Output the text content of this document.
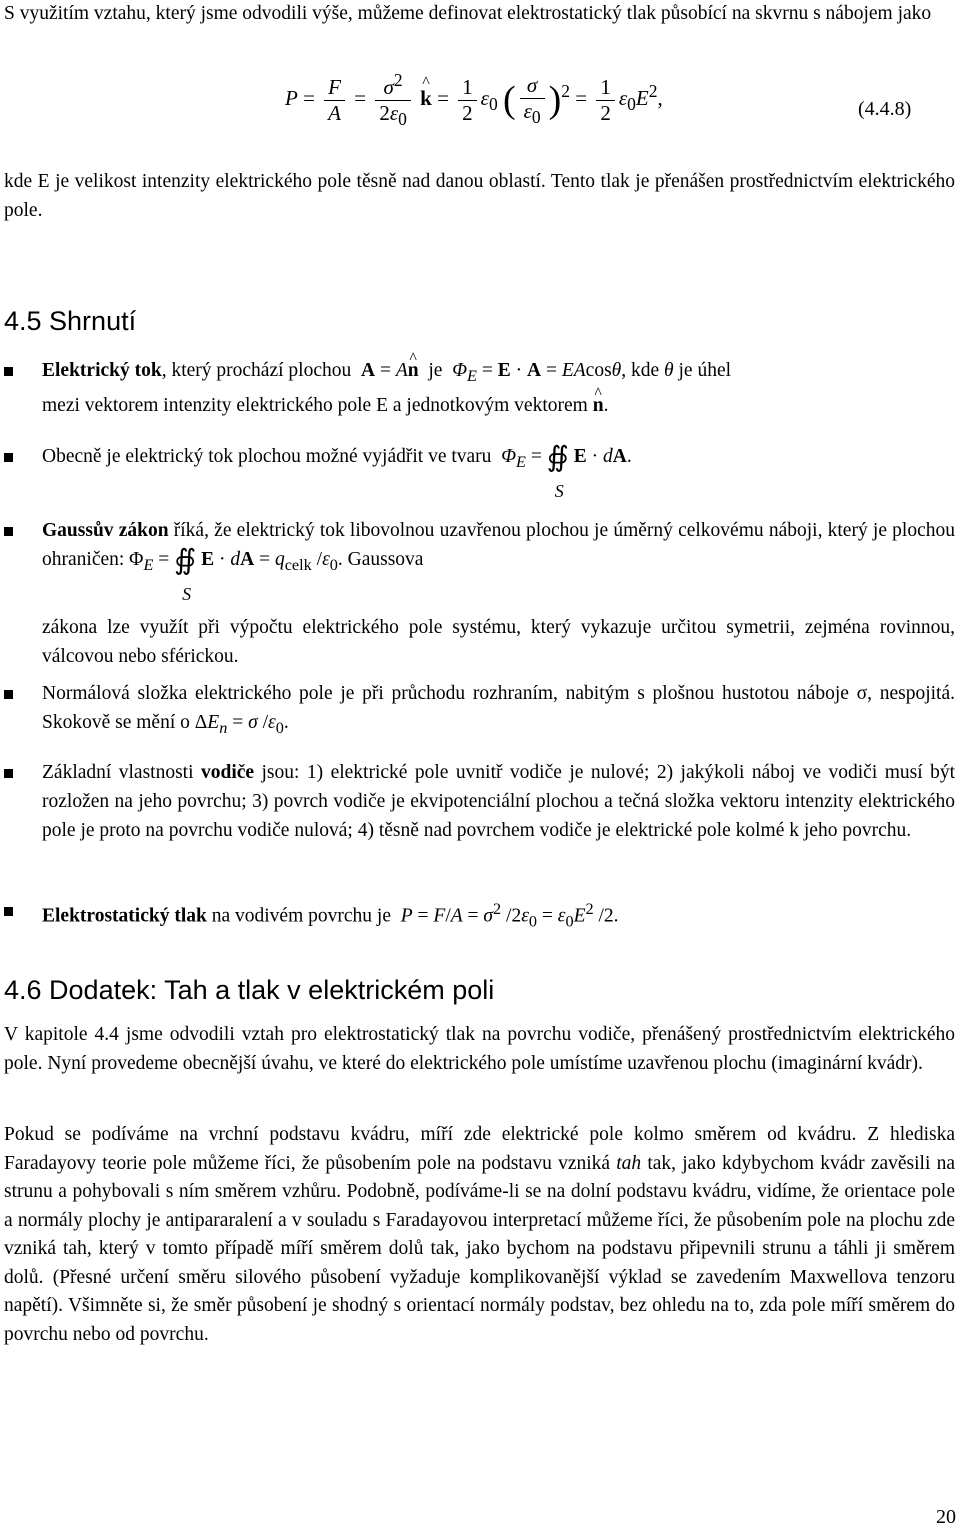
S využitím vztahu, který jsme odvodili výše, můžeme definovat elektrostatický tlak působící na skvrnu s nábojem jako
$P = \frac{F}{A} = \frac{\sigma^2}{2\varepsilon_0}$ ^ $k = \frac{1}{2} \varepsilon_0$ ( $\frac{\sigma}{\varepsilon_0} )^2 = \frac{1}{2} \varepsilon_0E^2$,	(4.4.8)
kde E je velikost intenzity elektrického pole těsně nad danou oblastí. Tento tlak je přenášen prostřednictvím elektrického pole.
4.5 Shrnutí
Elektrický tok, který prochází plochou A = A^ n  je  $\Phi_E = E \cdot A = EAcos\theta$, kde θ je úhel
mezi vektorem intenzity elektrického pole E a jednotkovým vektorem ^ n.
Obecně je elektrický tok plochou možné vyjádřit ve tvaru $\Phi_E$ = ∯
S
E · dA.
Gaussův zákon říká, že elektrický tok libovolnou uzavřenou plochou je úměrný celkovému náboji, který je plochou ohraničen: $\Phi_E$ = ∯
S
E · dA = $q_{celk}$ $/\varepsilon_0$. Gaussova
zákona lze využít při výpočtu elektrického pole systému, který vykazuje určitou symetrii, zejména rovinnou, válcovou nebo sférickou.
Normálová složka elektrického pole je při průchodu rozhraním, nabitým s plošnou hustotou náboje σ, nespojitá. Skokově se mění o $\Delta E_n = \sigma$ $/\varepsilon_0$.
Základní vlastnosti vodiče jsou: 1) elektrické pole uvnitř vodiče je nulové; 2) jakýkoli náboj ve vodiči musí být rozložen na jeho povrchu; 3) povrch vodiče je ekvipotenciální plochou a tečná složka vektoru intenzity elektrického pole je proto na povrchu vodiče nulová; 4) těsně nad povrchem vodiče je elektrické pole kolmé k jeho povrchu.
Elektrostatický tlak na vodivém povrchu je $P = F/A = \sigma^2$ $/2\varepsilon_0 = \varepsilon_0E^2$ /2.
4.6 Dodatek: Tah a tlak v elektrickém poli
V kapitole 4.4 jsme odvodili vztah pro elektrostatický tlak na povrchu vodiče, přenášený prostřednictvím elektrického pole. Nyní provedeme obecnější úvahu, ve které do elektrického pole umístíme uzavřenou plochu (imaginární kvádr).
Pokud se podíváme na vrchní podstavu kvádru, míří zde elektrické pole kolmo směrem od kvádru. Z hlediska Faradayovy teorie pole můžeme říci, že působením pole na podstavu vzniká tah tak, jako kdybychom kvádr zavěsili na strunu a pohybovali s ním směrem vzhůru. Podobně, podíváme-li se na dolní podstavu kvádru, vidíme, že orientace pole a normály plochy je antipararalení a v souladu s Faradayovou interpretací můžeme říci, že působením pole na plochu zde vzniká tah, který v tomto případě míří směrem dolů tak, jako bychom na podstavu připevnili strunu a táhli ji směrem dolů. (Přesné určení směru silového působení vyžaduje komplikovanější výklad se zavedením Maxwellova tenzoru napětí). Všimněte si, že směr působení je shodný s orientací normály podstav, bez ohledu na to, zda pole míří směrem do povrchu nebo od povrchu.
20
